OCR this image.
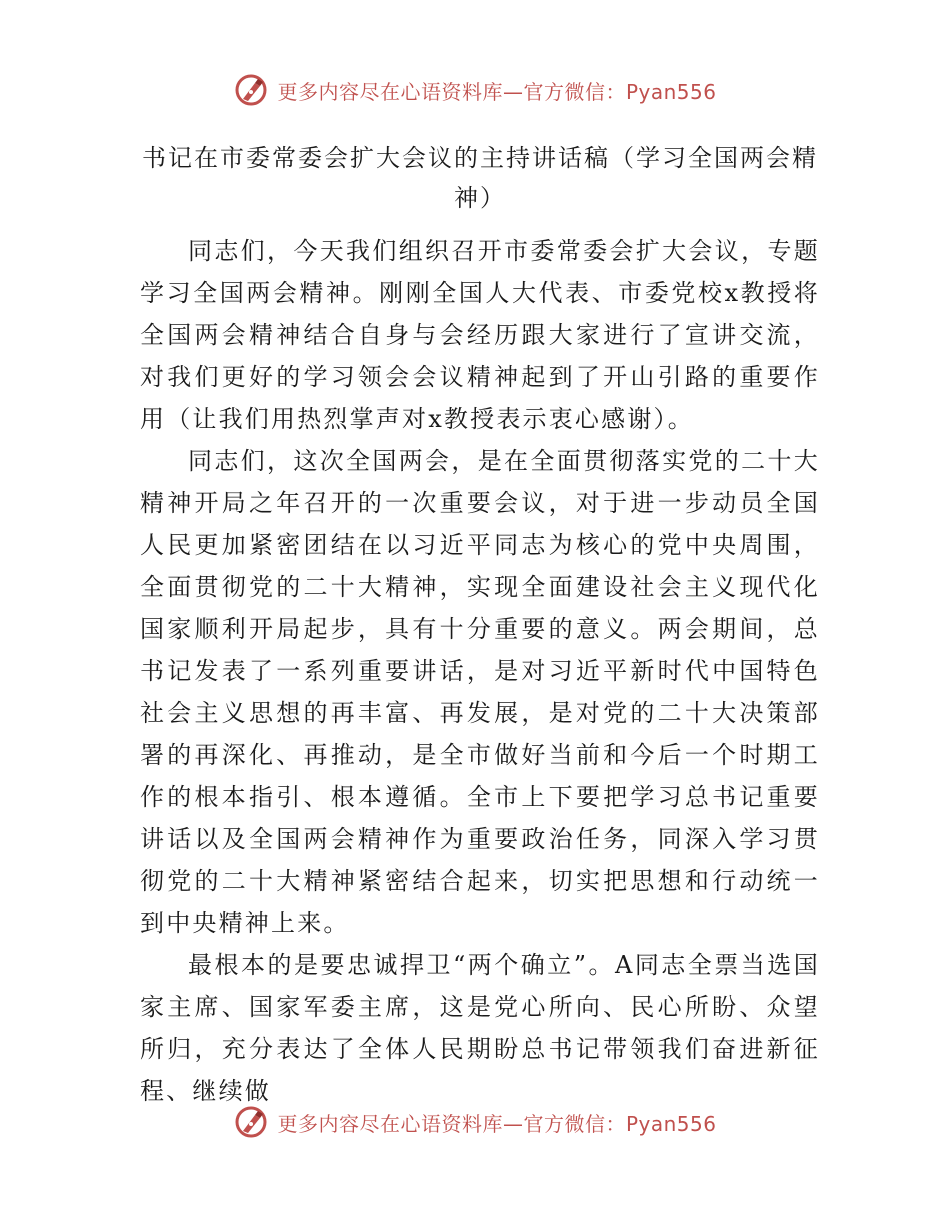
更多内容尽在心语资料库—官方微信：Pyan556
书记在市委常委会扩大会议的主持讲话稿（学习全国两会精神）

同志们，今天我们组织召开市委常委会扩大会议，专题学习全国两会精神。刚刚全国人大代表、市委党校x教授将全国两会精神结合自身与会经历跟大家进行了宣讲交流，对我们更好的学习领会会议精神起到了开山引路的重要作用（让我们用热烈掌声对x教授表示衷心感谢）。

同志们，这次全国两会，是在全面贯彻落实党的二十大精神开局之年召开的一次重要会议，对于进一步动员全国人民更加紧密团结在以习近平同志为核心的党中央周围，全面贯彻党的二十大精神，实现全面建设社会主义现代化国家顺利开局起步，具有十分重要的意义。两会期间，总书记发表了一系列重要讲话，是对习近平新时代中国特色社会主义思想的再丰富、再发展，是对党的二十大决策部署的再深化、再推动，是全市做好当前和今后一个时期工作的根本指引、根本遵循。全市上下要把学习总书记重要讲话以及全国两会精神作为重要政治任务，同深入学习贯彻党的二十大精神紧密结合起来，切实把思想和行动统一到中央精神上来。

最根本的是要忠诚捍卫“两个确立”。A同志全票当选国家主席、国家军委主席，这是党心所向、民心所盼、众望所归，充分表达了全体人民期盼总书记带领我们奋进新征程、继续做

更多内容尽在心语资料库—官方微信：Pyan556
